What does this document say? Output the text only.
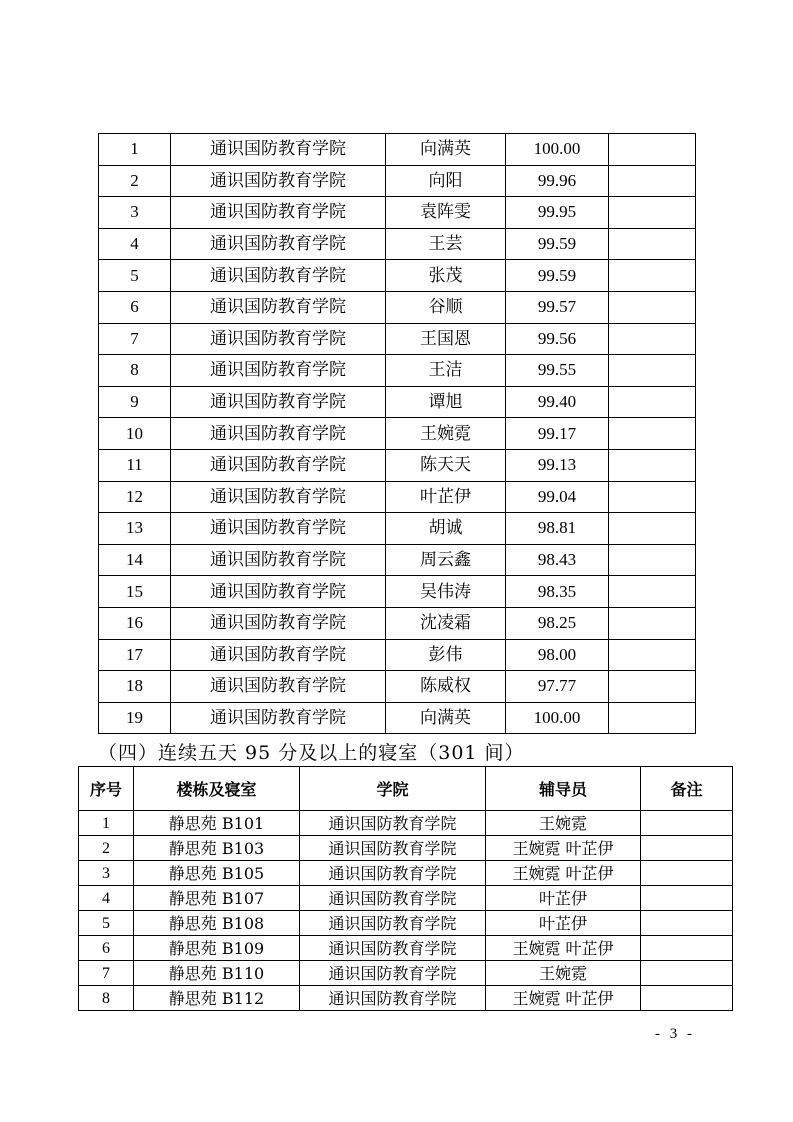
1	通识国防教育学院	向满英	100.00	
2	通识国防教育学院	向阳	99.96	
3	通识国防教育学院	袁阵雯	99.95	
4	通识国防教育学院	王芸	99.59	
5	通识国防教育学院	张茂	99.59	
6	通识国防教育学院	谷顺	99.57	
7	通识国防教育学院	王国恩	99.56	
8	通识国防教育学院	王洁	99.55	
9	通识国防教育学院	谭旭	99.40	
10	通识国防教育学院	王婉霓	99.17	
11	通识国防教育学院	陈天天	99.13	
12	通识国防教育学院	叶芷伊	99.04	
13	通识国防教育学院	胡诚	98.81	
14	通识国防教育学院	周云鑫	98.43	
15	通识国防教育学院	吴伟涛	98.35	
16	通识国防教育学院	沈凌霜	98.25	
17	通识国防教育学院	彭伟	98.00	
18	通识国防教育学院	陈威权	97.77	
19	通识国防教育学院	向满英	100.00	
（四）连续五天 95 分及以上的寝室（301 间）
序号	楼栋及寝室	学院	辅导员	备注
1	静思苑 B101	通识国防教育学院	王婉霓	
2	静思苑 B103	通识国防教育学院	王婉霓 叶芷伊	
3	静思苑 B105	通识国防教育学院	王婉霓 叶芷伊	
4	静思苑 B107	通识国防教育学院	叶芷伊	
5	静思苑 B108	通识国防教育学院	叶芷伊	
6	静思苑 B109	通识国防教育学院	王婉霓 叶芷伊	
7	静思苑 B110	通识国防教育学院	王婉霓	
8	静思苑 B112	通识国防教育学院	王婉霓 叶芷伊	
- 3 -
